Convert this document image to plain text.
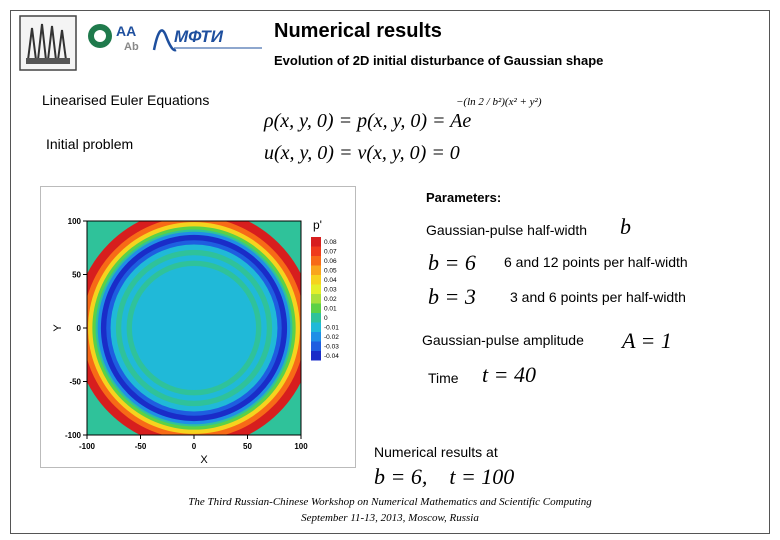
AA
Ab
МФТИ	Numerical results
Evolution of 2D initial disturbance of Gaussian shape
Linearised Euler Equations
Initial problem
ρ(x, y, 0) = p(x, y, 0) = Ae
−(ln 2 / b²)(x² + y²)
u(x, y, 0) = v(x, y, 0) = 0
-100	-50	0	50	100
100
50
0
-50
-100
X
Y
p'
0.08
0.07
0.06
0.05
0.04
0.03
0.02
0.01
0
-0.01
-0.02
-0.03
-0.04
Parameters:
Gaussian-pulse half-width b
b = 6 6 and 12 points per half-width
b = 3 3 and 6 points per half-width
Gaussian-pulse amplitude A = 1
Time t = 40
Numerical results at
b = 6,    t = 100
The Third Russian-Chinese Workshop on Numerical Mathematics and Scientific Computing
September 11-13, 2013, Moscow, Russia
